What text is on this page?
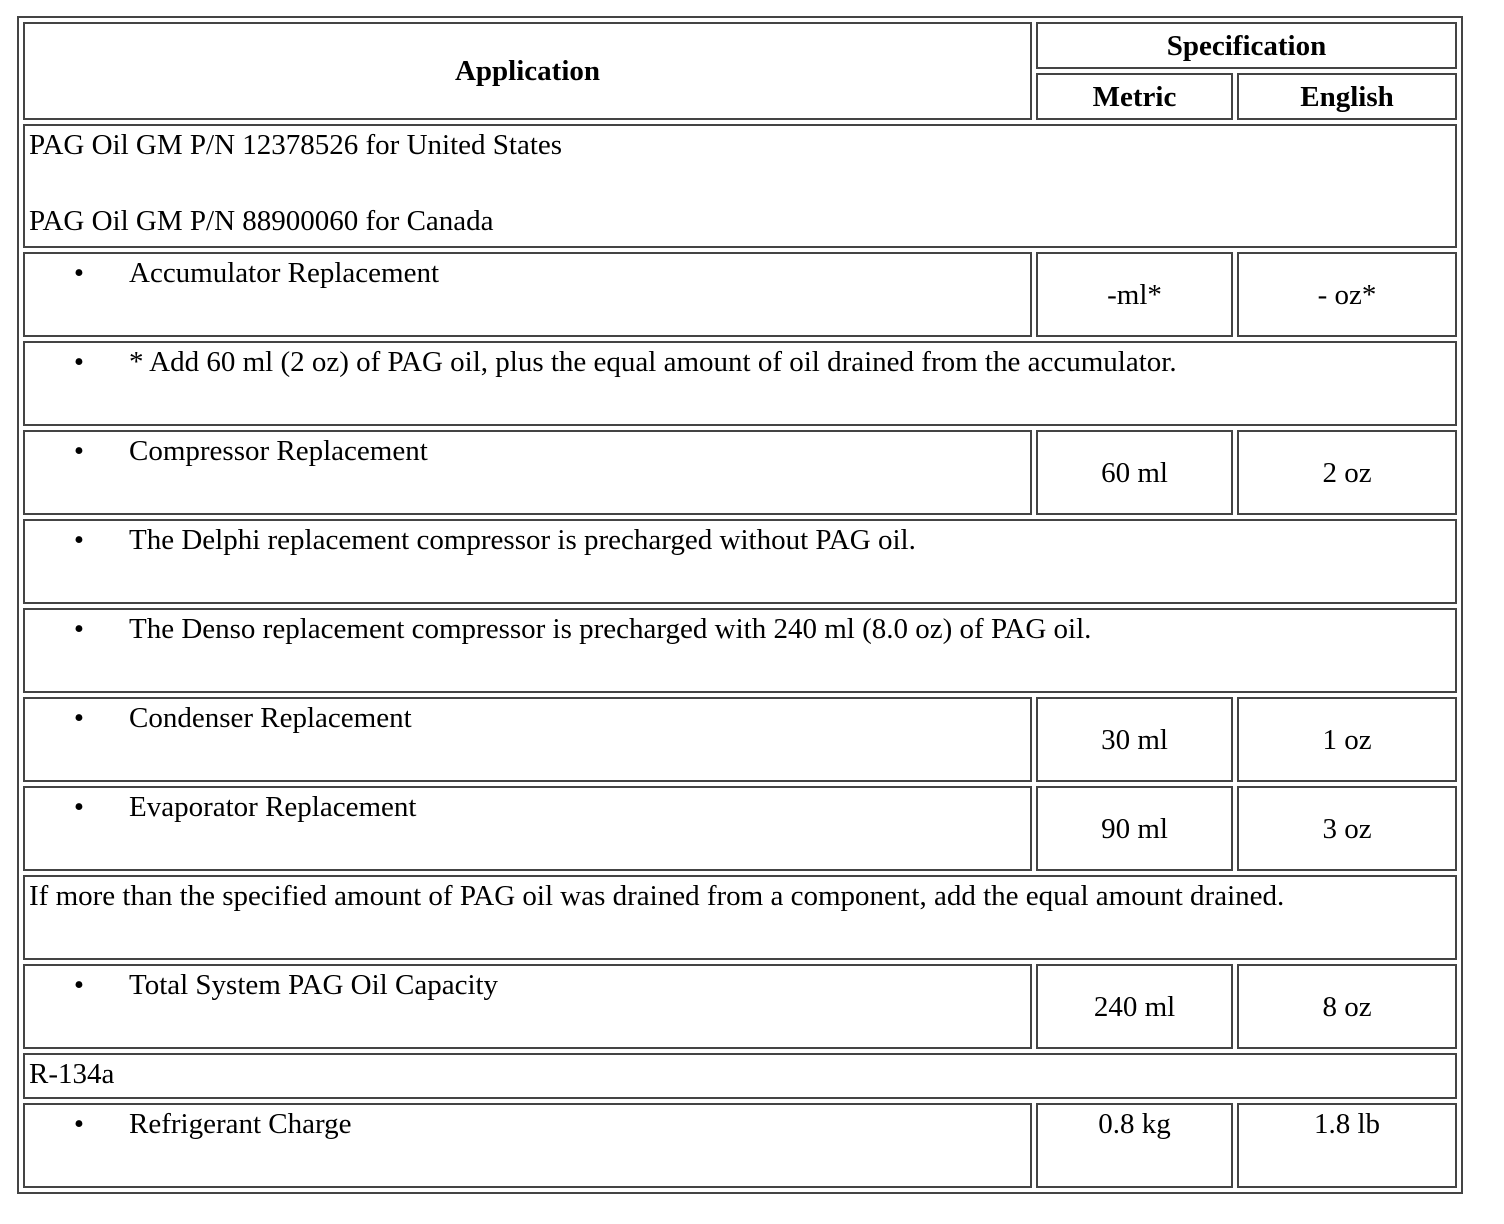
Application	Specification	
	Metric	English

PAG Oil GM P/N 12378526 for United States
PAG Oil GM P/N 88900060 for Canada		

• Accumulator Replacement	-ml*	- oz*

• * Add 60 ml (2 oz) of PAG oil, plus the equal amount of oil drained from the accumulator.		

• Compressor Replacement	60 ml	2 oz

• The Delphi replacement compressor is precharged without PAG oil.		

• The Denso replacement compressor is precharged with 240 ml (8.0 oz) of PAG oil.		

• Condenser Replacement	30 ml	1 oz

• Evaporator Replacement	90 ml	3 oz
If more than the specified amount of PAG oil was drained from a component, add the equal amount drained.		

• Total System PAG Oil Capacity	240 ml	8 oz
R-134a		

• Refrigerant Charge	0.8 kg	1.8 lb
